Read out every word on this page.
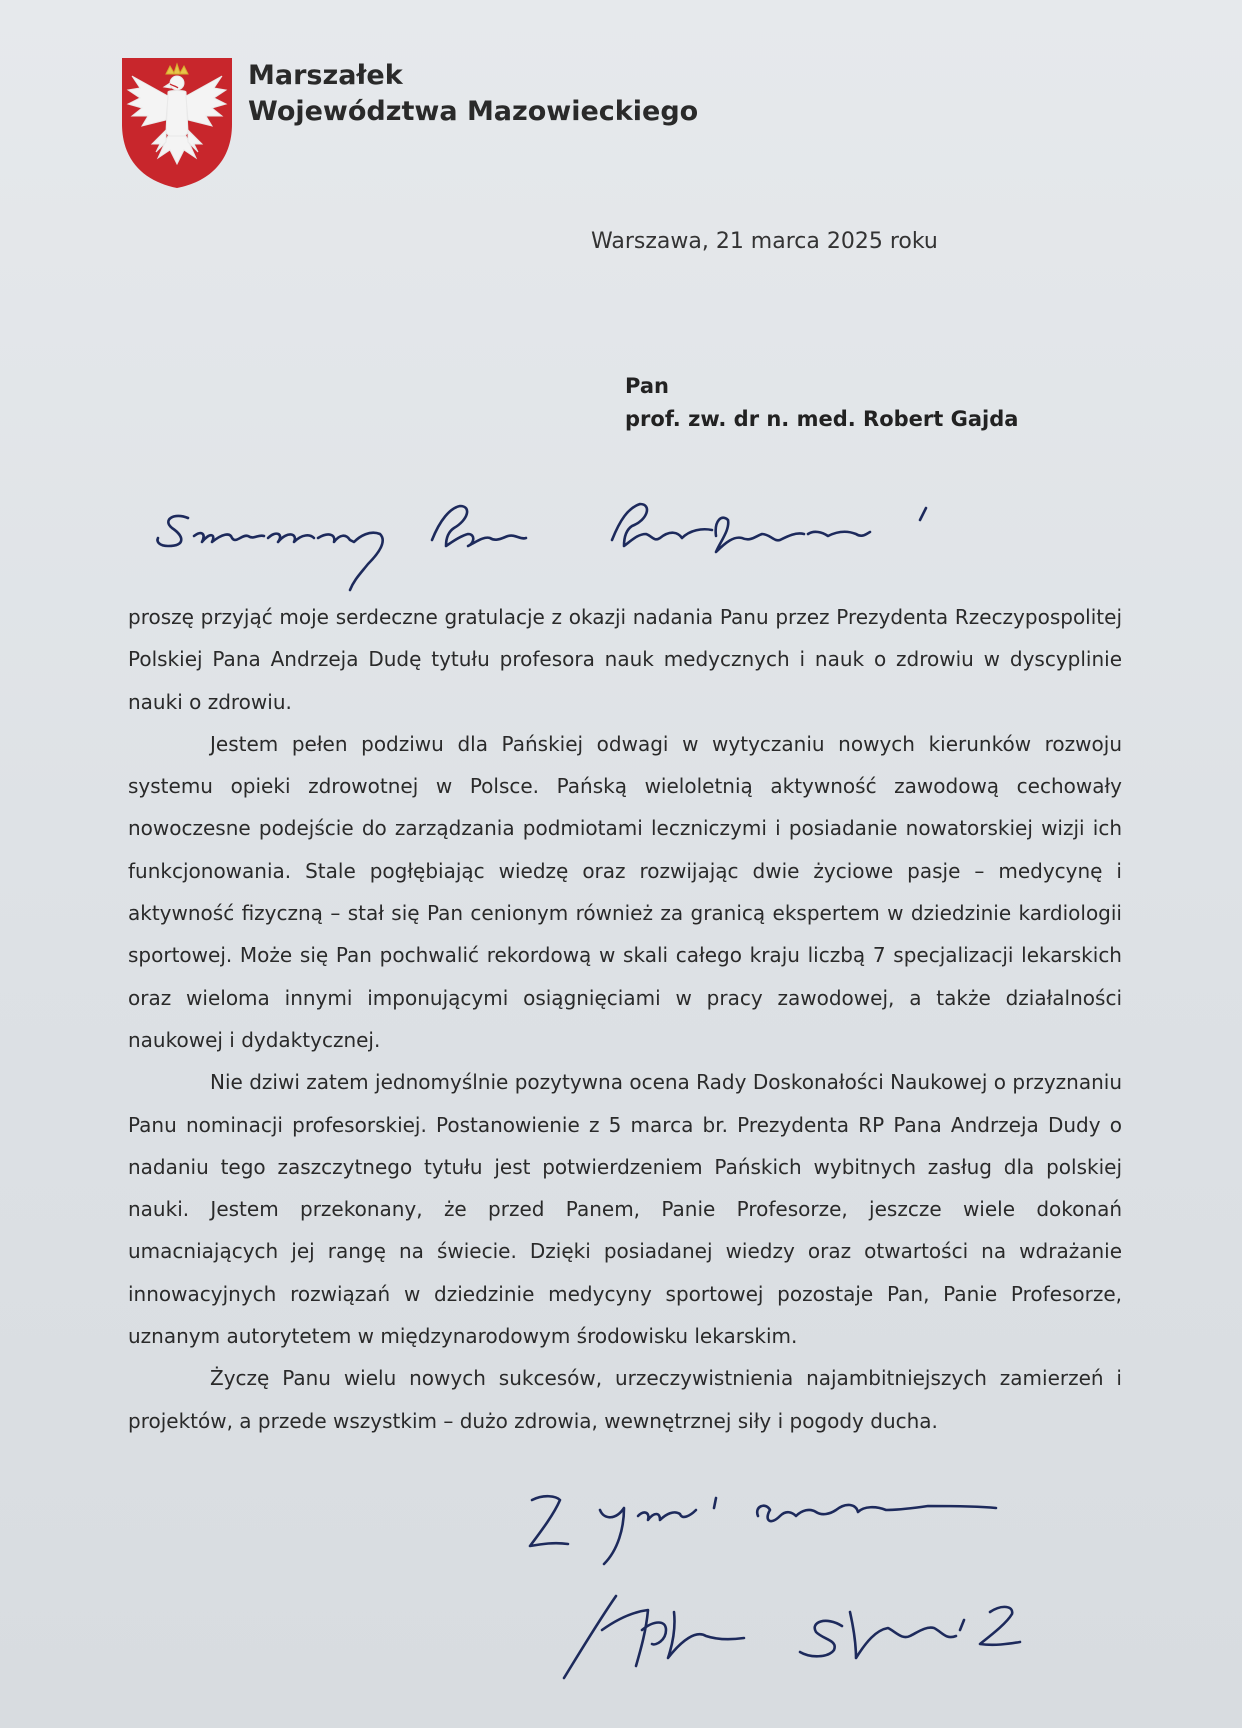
Marszałek
Województwa Mazowieckiego
Warszawa, 21 marca 2025 roku
Pan
prof. zw. dr n. med. Robert Gajda

proszę przyjąć moje serdeczne gratulacje z okazji nadania Panu przez Prezydenta Rzeczypospolitej Polskiej Pana Andrzeja Dudę tytułu profesora nauk medycznych i nauk o zdrowiu w dyscyplinie nauki o zdrowiu.

Jestem pełen podziwu dla Pańskiej odwagi w wytyczaniu nowych kierunków rozwoju systemu opieki zdrowotnej w Polsce. Pańską wieloletnią aktywność zawodową cechowały nowoczesne podejście do zarządzania podmiotami leczniczymi i posiadanie nowatorskiej wizji ich funkcjonowania. Stale pogłębiając wiedzę oraz rozwijając dwie życiowe pasje – medycynę i aktywność fizyczną – stał się Pan cenionym również za granicą ekspertem w dziedzinie kardiologii sportowej. Może się Pan pochwalić rekordową w skali całego kraju liczbą 7 specjalizacji lekarskich oraz wieloma innymi imponującymi osiągnięciami w pracy zawodowej, a także działalności naukowej i dydaktycznej.

Nie dziwi zatem jednomyślnie pozytywna ocena Rady Doskonałości Naukowej o przyznaniu Panu nominacji profesorskiej. Postanowienie z 5 marca br. Prezydenta RP Pana Andrzeja Dudy o nadaniu tego zaszczytnego tytułu jest potwierdzeniem Pańskich wybitnych zasług dla polskiej nauki. Jestem przekonany, że przed Panem, Panie Profesorze, jeszcze wiele dokonań umacniających jej rangę na świecie. Dzięki posiadanej wiedzy oraz otwartości na wdrażanie innowacyjnych rozwiązań w dziedzinie medycyny sportowej pozostaje Pan, Panie Profesorze, uznanym autorytetem w międzynarodowym środowisku lekarskim.

Życzę Panu wielu nowych sukcesów, urzeczywistnienia najambitniejszych zamierzeń i projektów, a przede wszystkim – dużo zdrowia, wewnętrznej siły i pogody ducha.
